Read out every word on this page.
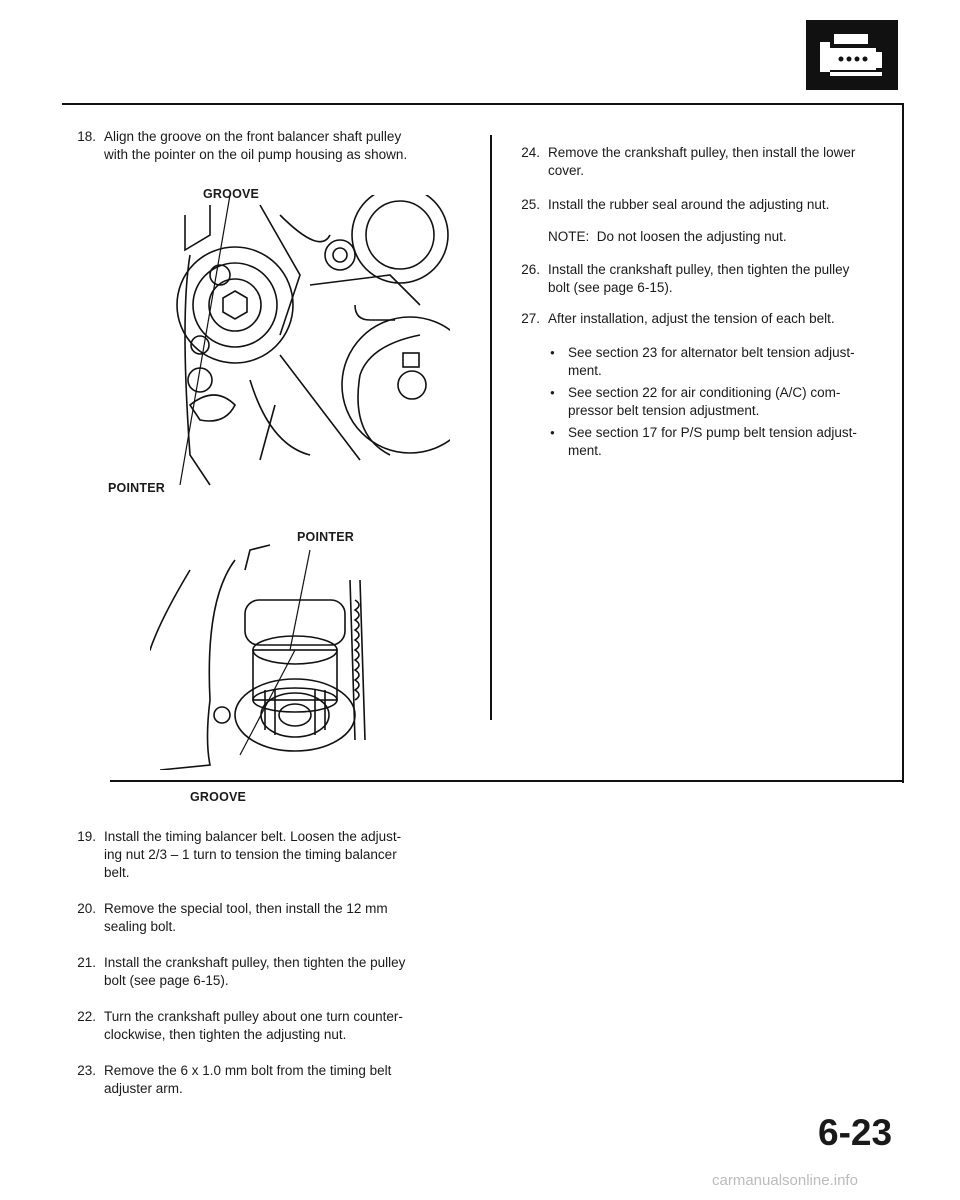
18. Align the groove on the front balancer shaft pulley
with the pointer on the oil pump housing as shown.
GROOVE
POINTER
POINTER
GROOVE
19. Install the timing balancer belt. Loosen the adjust-
ing nut 2/3 – 1 turn to tension the timing balancer
belt.
20. Remove the special tool, then install the 12 mm
sealing bolt.
21. Install the crankshaft pulley, then tighten the pulley
bolt (see page 6-15).
22. Turn the crankshaft pulley about one turn counter-
clockwise, then tighten the adjusting nut.
23. Remove the 6 x 1.0 mm bolt from the timing belt
adjuster arm.
24. Remove the crankshaft pulley, then install the lower
cover.
25. Install the rubber seal around the adjusting nut.
NOTE:  Do not loosen the adjusting nut.
26. Install the crankshaft pulley, then tighten the pulley
bolt (see page 6-15).
27. After installation, adjust the tension of each belt.
● See section 23 for alternator belt tension adjust-
ment.
● See section 22 for air conditioning (A/C) com-
pressor belt tension adjustment.
● See section 17 for P/S pump belt tension adjust-
ment.
6-23
carmanualsonline.info
